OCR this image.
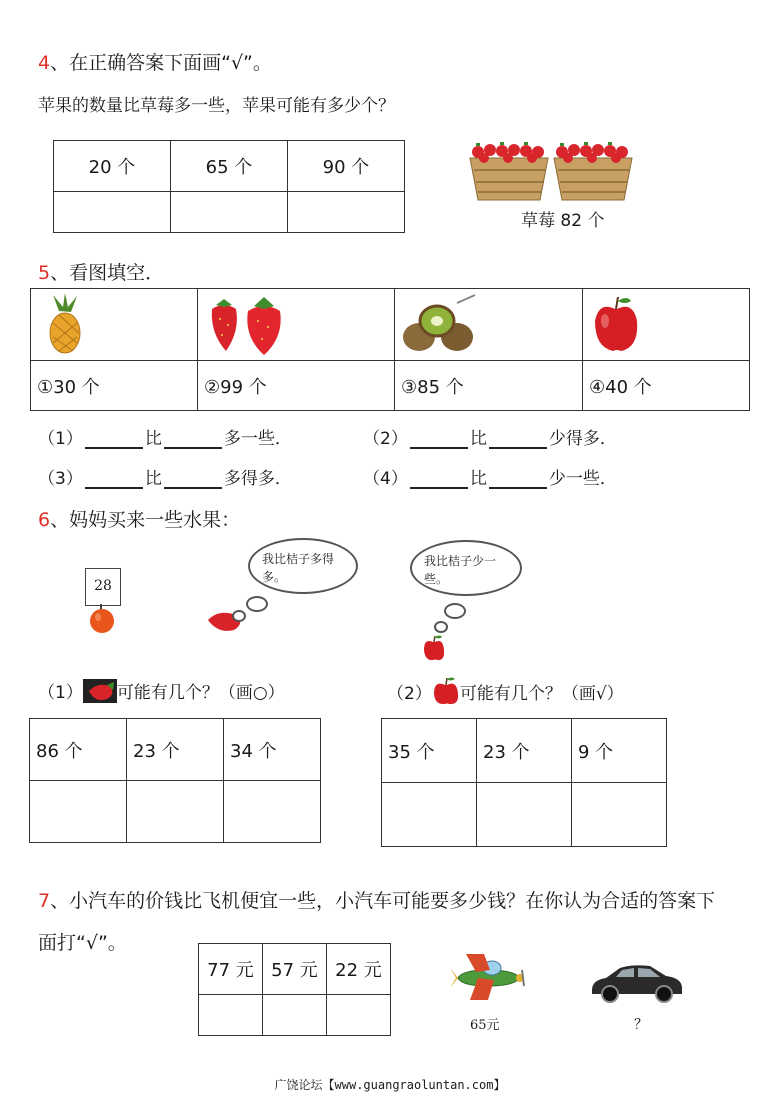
4、在正确答案下面画“√”。
苹果的数量比草莓多一些，苹果可能有多少个？
20 个	65 个	90 个

草莓 82 个
5、看图填空．

①30 个	②99 个	③85 个	④40 个
（1）	比	多一些．	（2）	比	少得多．
（3）	比	多得多．	（4）	比	少一些．
6、妈妈买来一些水果：
28
我比桔子多得多。
我比桔子少一些。
（1） 可能有几个？（画○）	（2） 可能有几个？（画√）
86 个	23 个	34 个
			35 个	23 个	9 个

7、小汽车的价钱比飞机便宜一些，小汽车可能要多少钱？在你认为合适的答案下
面打“√”。
77 元	57 元	22 元

65元	？
广饶论坛【www.guangraoluntan.com】
